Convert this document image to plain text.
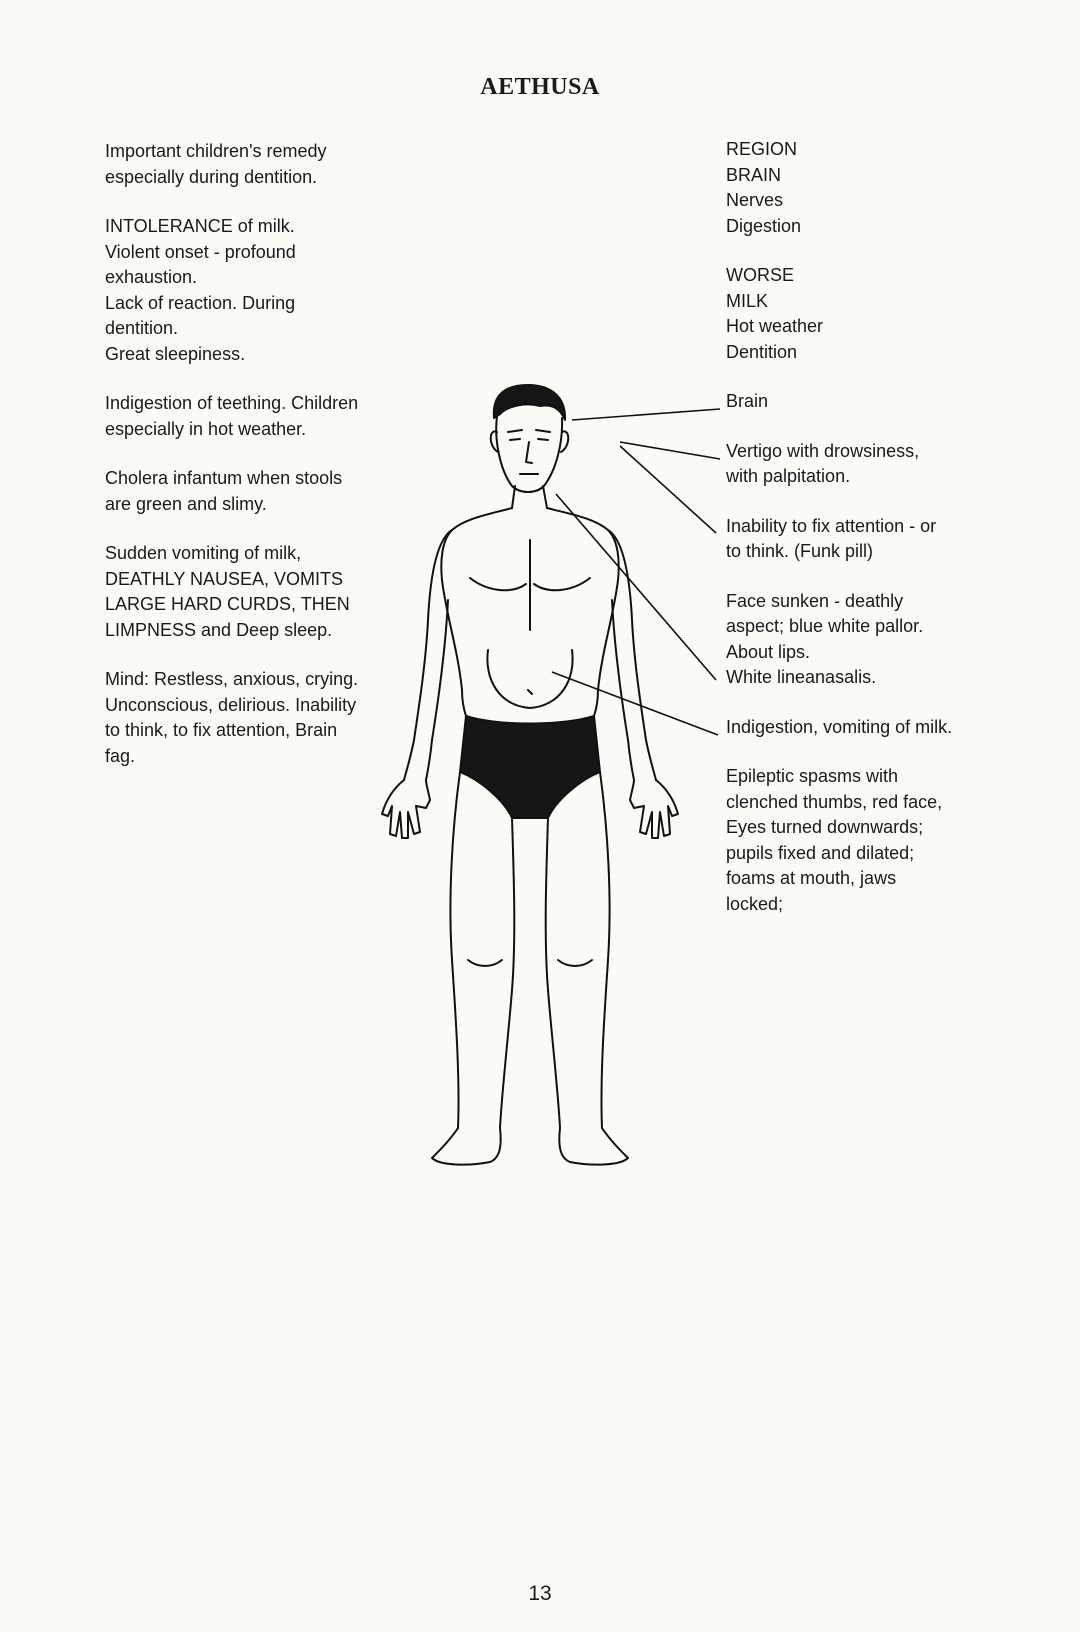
AETHUSA

Important children's remedy
especially during dentition.

INTOLERANCE of milk.
Violent onset - profound
exhaustion.
Lack of reaction. During
dentition.
Great sleepiness.

Indigestion of teething. Children
especially in hot weather.

Cholera infantum when stools
are green and slimy.

Sudden vomiting of milk,
DEATHLY NAUSEA, VOMITS
LARGE HARD CURDS, THEN
LIMPNESS and Deep sleep.

Mind: Restless, anxious, crying.
Unconscious, delirious. Inability
to think, to fix attention, Brain
fag.

REGION
BRAIN
Nerves
Digestion

WORSE
MILK
Hot weather
Dentition

Brain

Vertigo with drowsiness,
with palpitation.

Inability to fix attention - or
to think. (Funk pill)

Face sunken - deathly
aspect; blue white pallor.
About lips.
White lineanasalis.

Indigestion, vomiting of milk.

Epileptic spasms with
clenched thumbs, red face,
Eyes turned downwards;
pupils fixed and dilated;
foams at mouth, jaws
locked;

13
